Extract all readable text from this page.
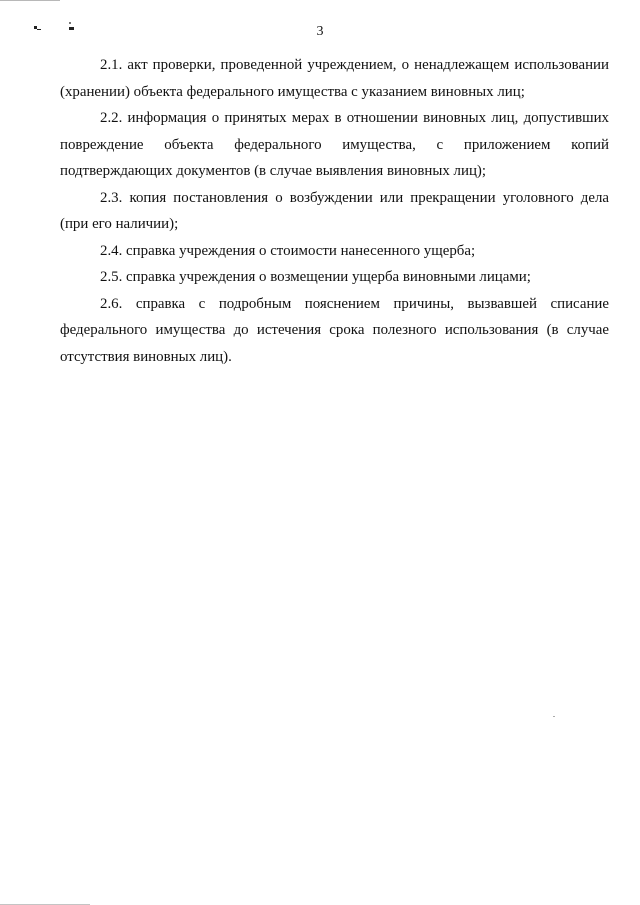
3

2.1. акт проверки, проведенной учреждением, о ненадлежащем использовании (хранении) объекта федерального имущества с указанием виновных лиц;

2.2. информация о принятых мерах в отношении виновных лиц, допустивших повреждение объекта федерального имущества, с приложением копий подтверждающих документов (в случае выявления виновных лиц);

2.3. копия постановления о возбуждении или прекращении уголовного дела (при его наличии);

2.4. справка учреждения о стоимости нанесенного ущерба;

2.5. справка учреждения о возмещении ущерба виновными лицами;

2.6. справка с подробным пояснением причины, вызвавшей списание федерального имущества до истечения срока полезного использования (в случае отсутствия виновных лиц).
